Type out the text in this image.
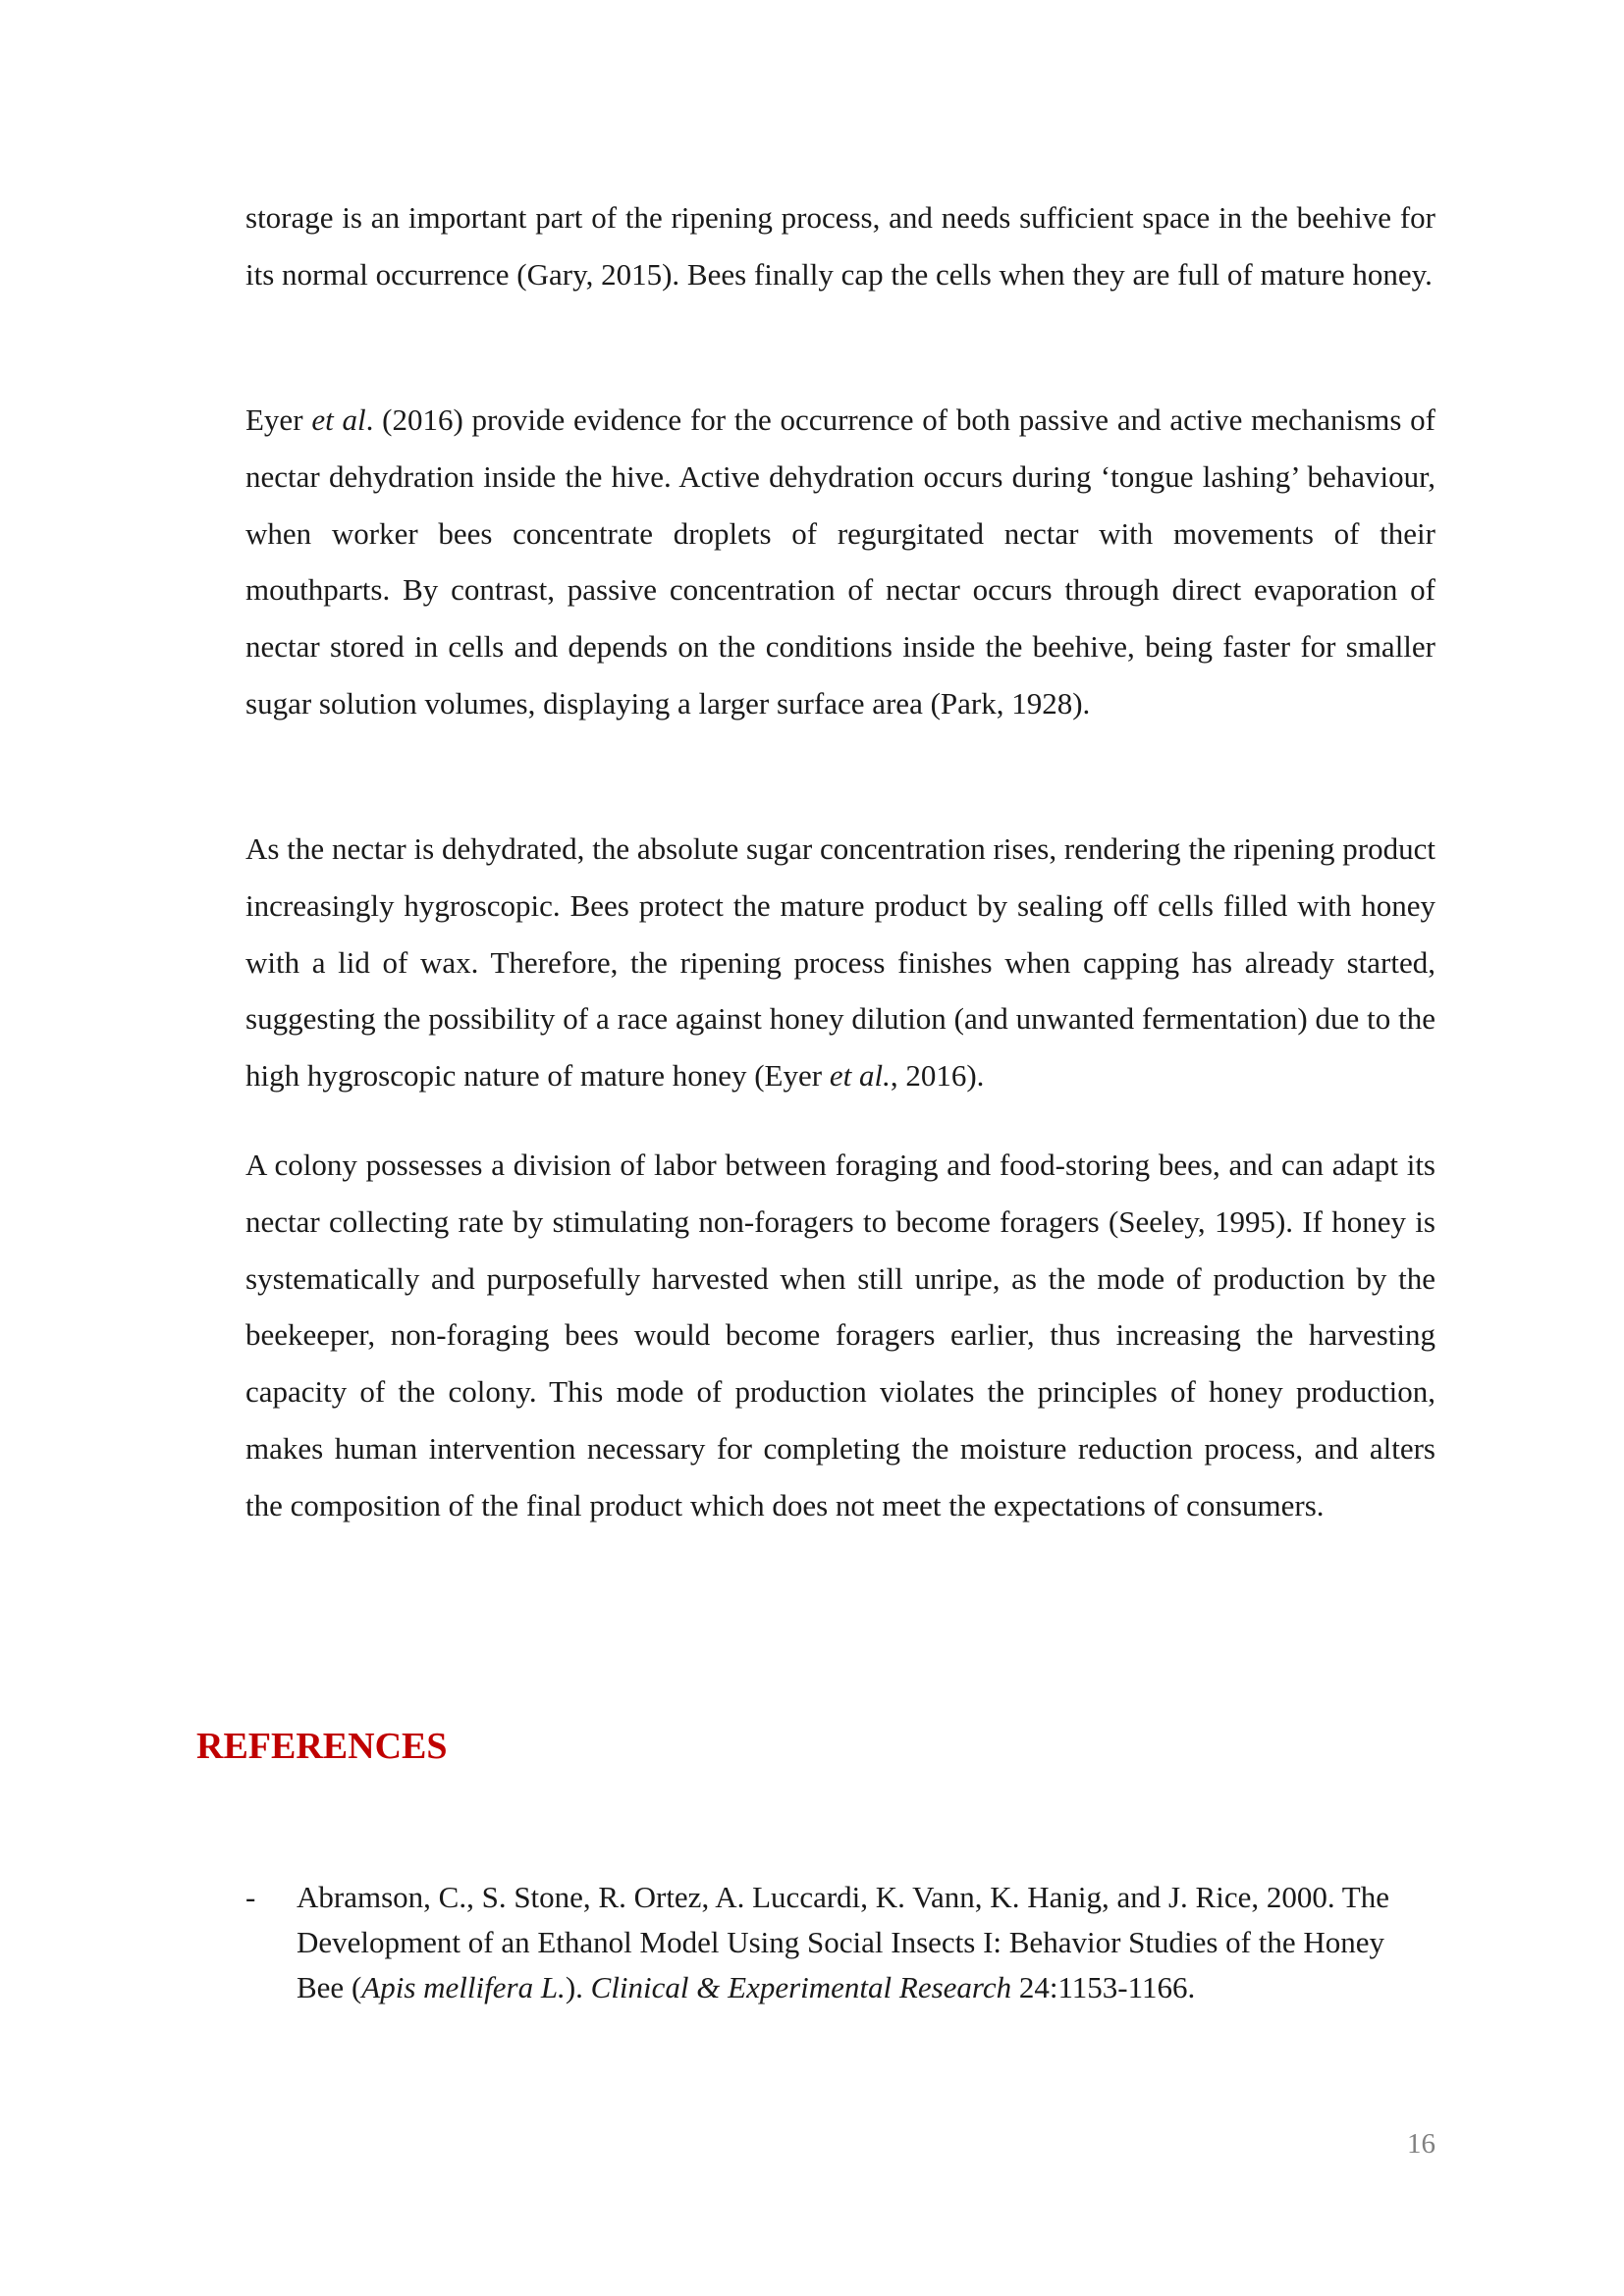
storage is an important part of the ripening process, and needs sufficient space in the beehive for its normal occurrence (Gary, 2015). Bees finally cap the cells when they are full of mature honey.

Eyer et al. (2016) provide evidence for the occurrence of both passive and active mechanisms of nectar dehydration inside the hive. Active dehydration occurs during ‘tongue lashing’ behaviour, when worker bees concentrate droplets of regurgitated nectar with movements of their mouthparts. By contrast, passive concentration of nectar occurs through direct evaporation of nectar stored in cells and depends on the conditions inside the beehive, being faster for smaller sugar solution volumes, displaying a larger surface area (Park, 1928).

As the nectar is dehydrated, the absolute sugar concentration rises, rendering the ripening product increasingly hygroscopic. Bees protect the mature product by sealing off cells filled with honey with a lid of wax. Therefore, the ripening process finishes when capping has already started, suggesting the possibility of a race against honey dilution (and unwanted fermentation) due to the high hygroscopic nature of mature honey (Eyer et al., 2016).

A colony possesses a division of labor between foraging and food-storing bees, and can adapt its nectar collecting rate by stimulating non-foragers to become foragers (Seeley, 1995). If honey is systematically and purposefully harvested when still unripe, as the mode of production by the beekeeper, non-foraging bees would become foragers earlier, thus increasing the harvesting capacity of the colony. This mode of production violates the principles of honey production, makes human intervention necessary for completing the moisture reduction process, and alters the composition of the final product which does not meet the expectations of consumers.

REFERENCES
-	Abramson, C., S. Stone, R. Ortez, A. Luccardi, K. Vann, K. Hanig, and J. Rice, 2000. The Development of an Ethanol Model Using Social Insects I: Behavior Studies of the Honey Bee (Apis mellifera L.). Clinical & Experimental Research 24:1153-1166.
16
